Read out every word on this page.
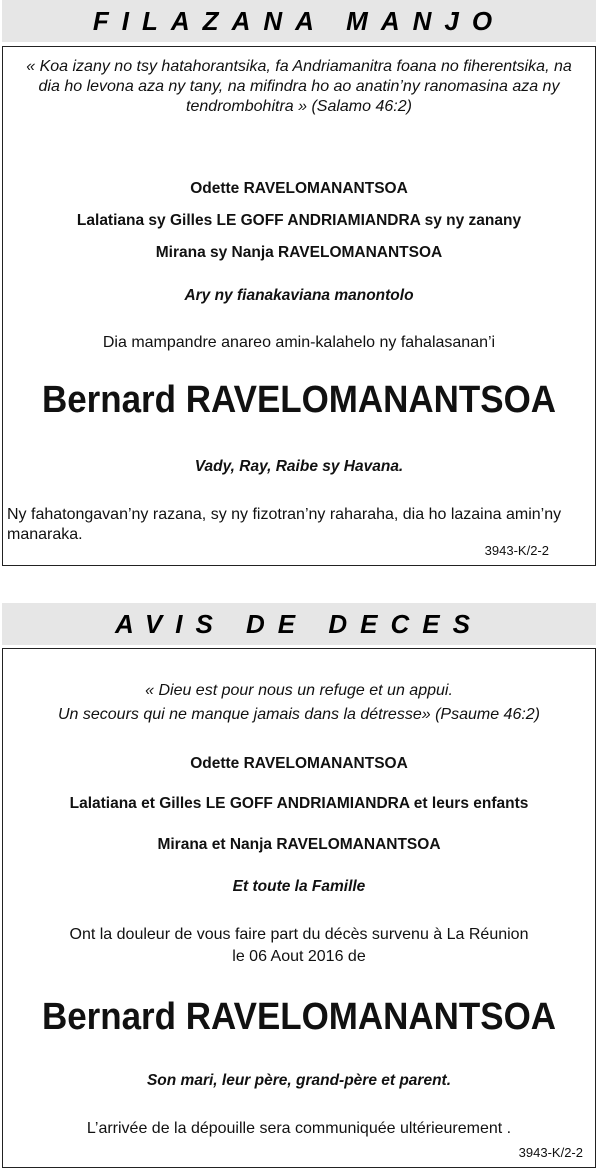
FILAZANA MANJO
« Koa izany no tsy hatahorantsika, fa Andriamanitra foana no fiherentsika, na dia ho levona aza ny tany, na mifindra ho ao anatin’ny ranomasina aza ny tendrombohitra » (Salamo 46:2)
Odette RAVELOMANANTSOA
Lalatiana sy Gilles LE GOFF ANDRIAMIANDRA sy ny zanany
Mirana sy Nanja RAVELOMANANTSOA
Ary ny fianakaviana manontolo
Dia mampandre anareo amin-kalahelo ny fahalasanan’i
Bernard RAVELOMANANTSOA
Vady, Ray, Raibe sy Havana.
Ny fahatongavan’ny razana, sy ny fizotran’ny raharaha, dia ho lazaina amin’ny manaraka.
3943-K/2-2
AVIS DE DECES
« Dieu est pour nous un refuge et un appui.
Un secours qui ne manque jamais dans la détresse» (Psaume 46:2)
Odette RAVELOMANANTSOA
Lalatiana et Gilles LE GOFF ANDRIAMIANDRA et leurs enfants
Mirana et Nanja RAVELOMANANTSOA
Et toute la Famille
Ont la douleur de vous faire part du décès survenu à La Réunion
le 06 Aout 2016 de
Bernard RAVELOMANANTSOA
Son mari, leur père, grand-père et parent.
L’arrivée de la dépouille sera communiquée ultérieurement .
3943-K/2-2
